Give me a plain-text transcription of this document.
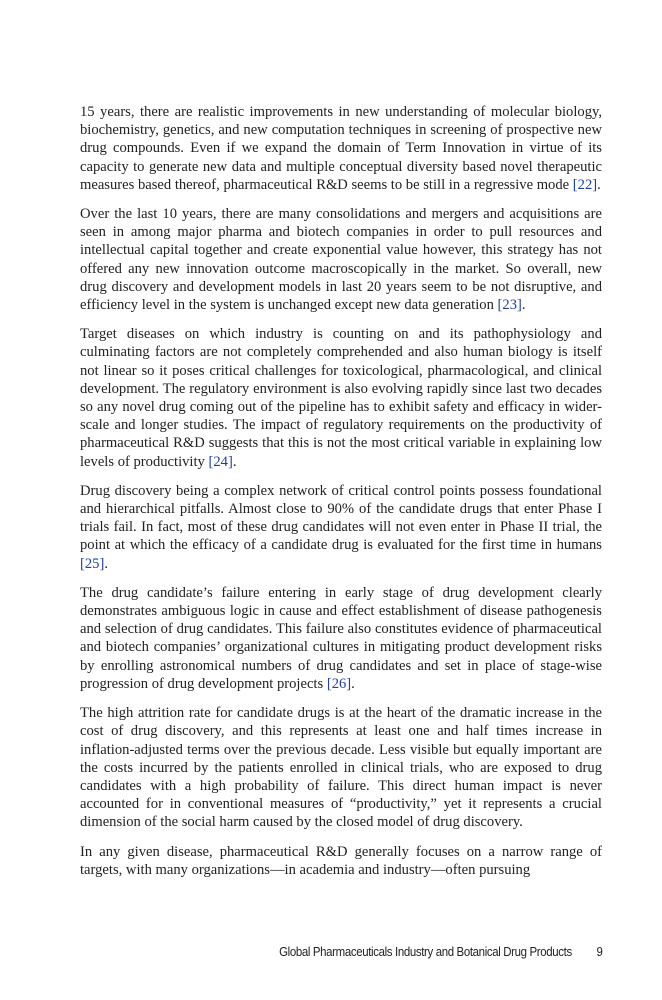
15 years, there are realistic improvements in new understanding of molecular biology, biochemistry, genetics, and new computation techniques in screening of prospective new drug compounds. Even if we expand the domain of Term Innovation in virtue of its capacity to generate new data and multiple conceptual diversity based novel therapeutic measures based thereof, pharmaceutical R&D seems to be still in a regressive mode [22].

Over the last 10 years, there are many consolidations and mergers and acquisitions are seen in among major pharma and biotech companies in order to pull resources and intellectual capital together and create exponential value however, this strategy has not offered any new innovation outcome macroscopically in the market. So overall, new drug discovery and development models in last 20 years seem to be not disruptive, and efficiency level in the system is unchanged except new data generation [23].

Target diseases on which industry is counting on and its pathophysiology and culminating factors are not completely comprehended and also human biology is itself not linear so it poses critical challenges for toxicological, pharmacological, and clinical development. The regulatory environment is also evolving rapidly since last two decades so any novel drug coming out of the pipeline has to exhibit safety and efficacy in wider-scale and longer studies. The impact of regulatory requirements on the productivity of pharmaceutical R&D suggests that this is not the most critical variable in explaining low levels of productivity [24].

Drug discovery being a complex network of critical control points possess foundational and hierarchical pitfalls. Almost close to 90% of the candidate drugs that enter Phase I trials fail. In fact, most of these drug candidates will not even enter in Phase II trial, the point at which the efficacy of a candidate drug is evaluated for the first time in humans [25].

The drug candidate’s failure entering in early stage of drug development clearly demonstrates ambiguous logic in cause and effect establishment of disease pathogenesis and selection of drug candidates. This failure also constitutes evidence of pharmaceutical and biotech companies’ organizational cultures in mitigating product development risks by enrolling astronomical numbers of drug candidates and set in place of stage-wise progression of drug development projects [26].

The high attrition rate for candidate drugs is at the heart of the dramatic increase in the cost of drug discovery, and this represents at least one and half times increase in inflation-adjusted terms over the previous decade. Less visible but equally important are the costs incurred by the patients enrolled in clinical trials, who are exposed to drug candidates with a high probability of failure. This direct human impact is never accounted for in conventional measures of “productivity,” yet it represents a crucial dimension of the social harm caused by the closed model of drug discovery.

In any given disease, pharmaceutical R&D generally focuses on a narrow range of targets, with many organizations—in academia and industry—often pursuing

Global Pharmaceuticals Industry and Botanical Drug Products 9
